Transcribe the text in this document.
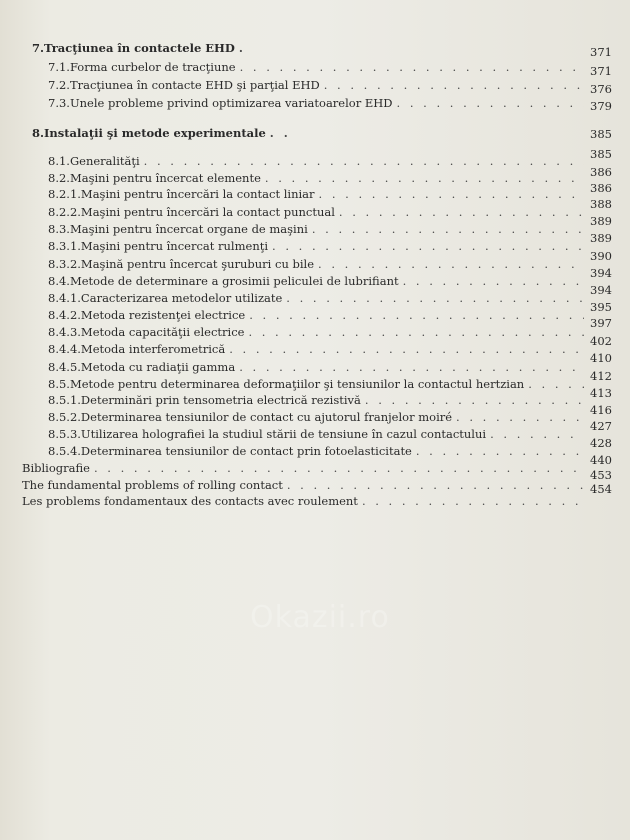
7. Tracţiunea în contactele EHD
. . .
7.1. Forma curbelor de tracţiune
. . .
7.2. Tracţiunea în contacte EHD şi parţial EHD
. . .
7.3. Unele probleme privind optimizarea variatoarelor EHD
. . .
8. Instalaţii şi metode experimentale
. . .
8.1. Generalităţi
. . .
8.2. Maşini pentru încercat elemente
. . .
8.2.1. Maşini pentru încercări la contact liniar
. . .
8.2.2. Maşini pentru încercări la contact punctual
. . .
8.3. Maşini pentru încercat organe de maşini
. . .
8.3.1. Maşini pentru încercat rulmenţi
. . .
8.3.2. Maşină pentru încercat şuruburi cu bile
. . .
8.4. Metode de determinare a grosimii peliculei de lubrifiant
. . .
8.4.1. Caracterizarea metodelor utilizate
. . .
8.4.2. Metoda rezistenţei electrice
. . .
8.4.3. Metoda capacităţii electrice
. . .
8.4.4. Metoda interferometrică
. . .
8.4.5. Metoda cu radiaţii gamma
. . .
8.5. Metode pentru determinarea deformaţiilor şi tensiunilor la contactul hertzian
. . .
8.5.1. Determinări prin tensometria electrică rezistivă
. . .
8.5.2. Determinarea tensiunilor de contact cu ajutorul franjelor moiré
. . .
8.5.3. Utilizarea holografiei la studiul stării de tensiune în cazul contactului
. . .
8.5.4. Determinarea tensiunilor de contact prin fotoelasticitate
. . .
Bibliografie
. . .
The fundamental problems of rolling contact
. . .
Les problems fondamentaux des contacts avec roulement
. . .
371
371
376
379
385
385
386
386
388
389
389
390
394
394
395
397
402
410
412
413
416
427
428
440
453
454
Okazii.ro
